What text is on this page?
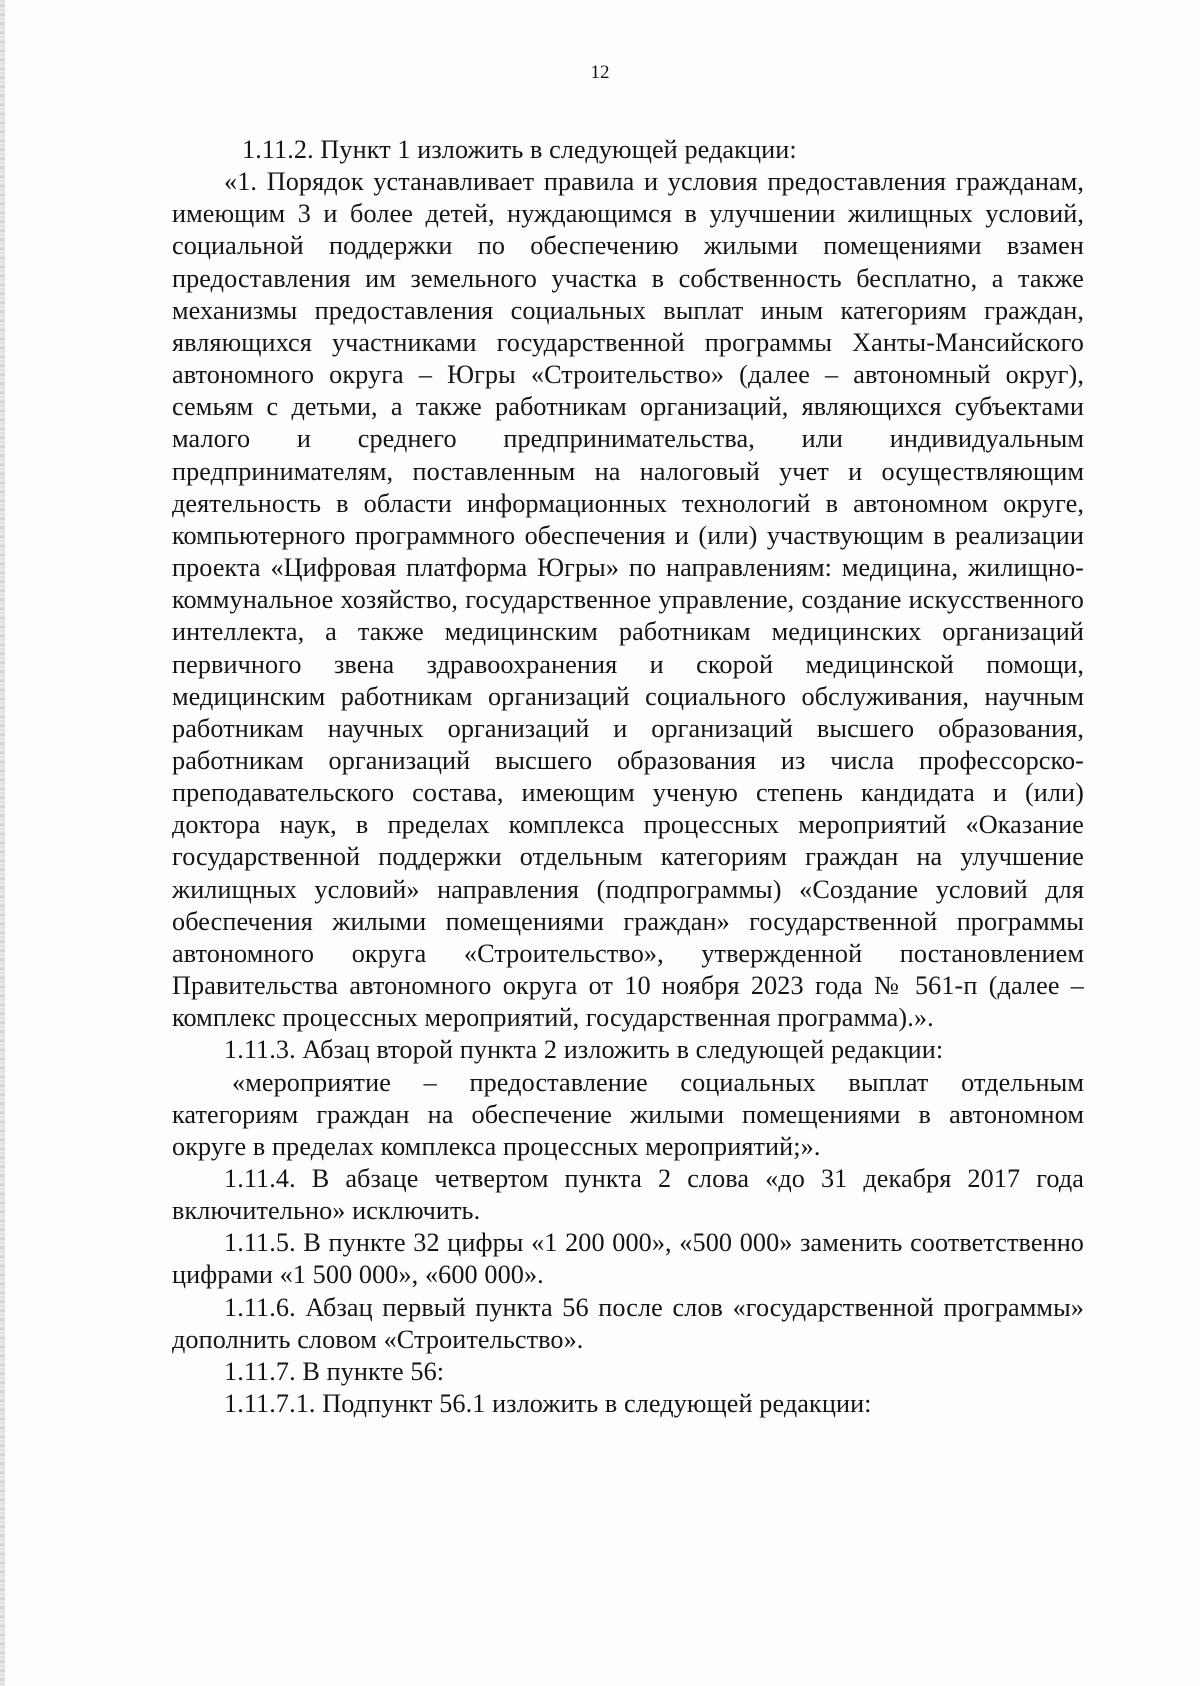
12

1.11.2. Пункт 1 изложить в следующей редакции:

«1. Порядок устанавливает правила и условия предоставления гражданам, имеющим 3 и более детей, нуждающимся в улучшении жилищных условий, социальной поддержки по обеспечению жилыми помещениями взамен предоставления им земельного участка в собственность бесплатно, а также механизмы предоставления социальных выплат иным категориям граждан, являющихся участниками государственной программы Ханты-Мансийского автономного округа – Югры «Строительство» (далее – автономный округ), семьям с детьми, а также работникам организаций, являющихся субъектами малого и среднего предпринимательства, или индивидуальным предпринимателям, поставленным на налоговый учет и осуществляющим деятельность в области информационных технологий в автономном округе, компьютерного программного обеспечения и (или) участвующим в реализации проекта «Цифровая платформа Югры» по направлениям: медицина, жилищно-коммунальное хозяйство, государственное управление, создание искусственного интеллекта, а также медицинским работникам медицинских организаций первичного звена здравоохранения и скорой медицинской помощи, медицинским работникам организаций социального обслуживания, научным работникам научных организаций и организаций высшего образования, работникам организаций высшего образования из числа профессорско-преподавательского состава, имеющим ученую степень кандидата и (или) доктора наук, в пределах комплекса процессных мероприятий «Оказание государственной поддержки отдельным категориям граждан на улучшение жилищных условий» направления (подпрограммы) «Создание условий для обеспечения жилыми помещениями граждан» государственной программы автономного округа «Строительство», утвержденной постановлением Правительства автономного округа от 10 ноября 2023 года № 561-п (далее – комплекс процессных мероприятий, государственная программа).».

1.11.3. Абзац второй пункта 2 изложить в следующей редакции:

«мероприятие – предоставление социальных выплат отдельным категориям граждан на обеспечение жилыми помещениями в автономном округе в пределах комплекса процессных мероприятий;».

1.11.4. В абзаце четвертом пункта 2 слова «до 31 декабря 2017 года включительно» исключить.

1.11.5. В пункте 32 цифры «1 200 000», «500 000» заменить соответственно цифрами «1 500 000», «600 000».

1.11.6. Абзац первый пункта 56 после слов «государственной программы» дополнить словом «Строительство».

1.11.7. В пункте 56:

1.11.7.1. Подпункт 56.1 изложить в следующей редакции:
